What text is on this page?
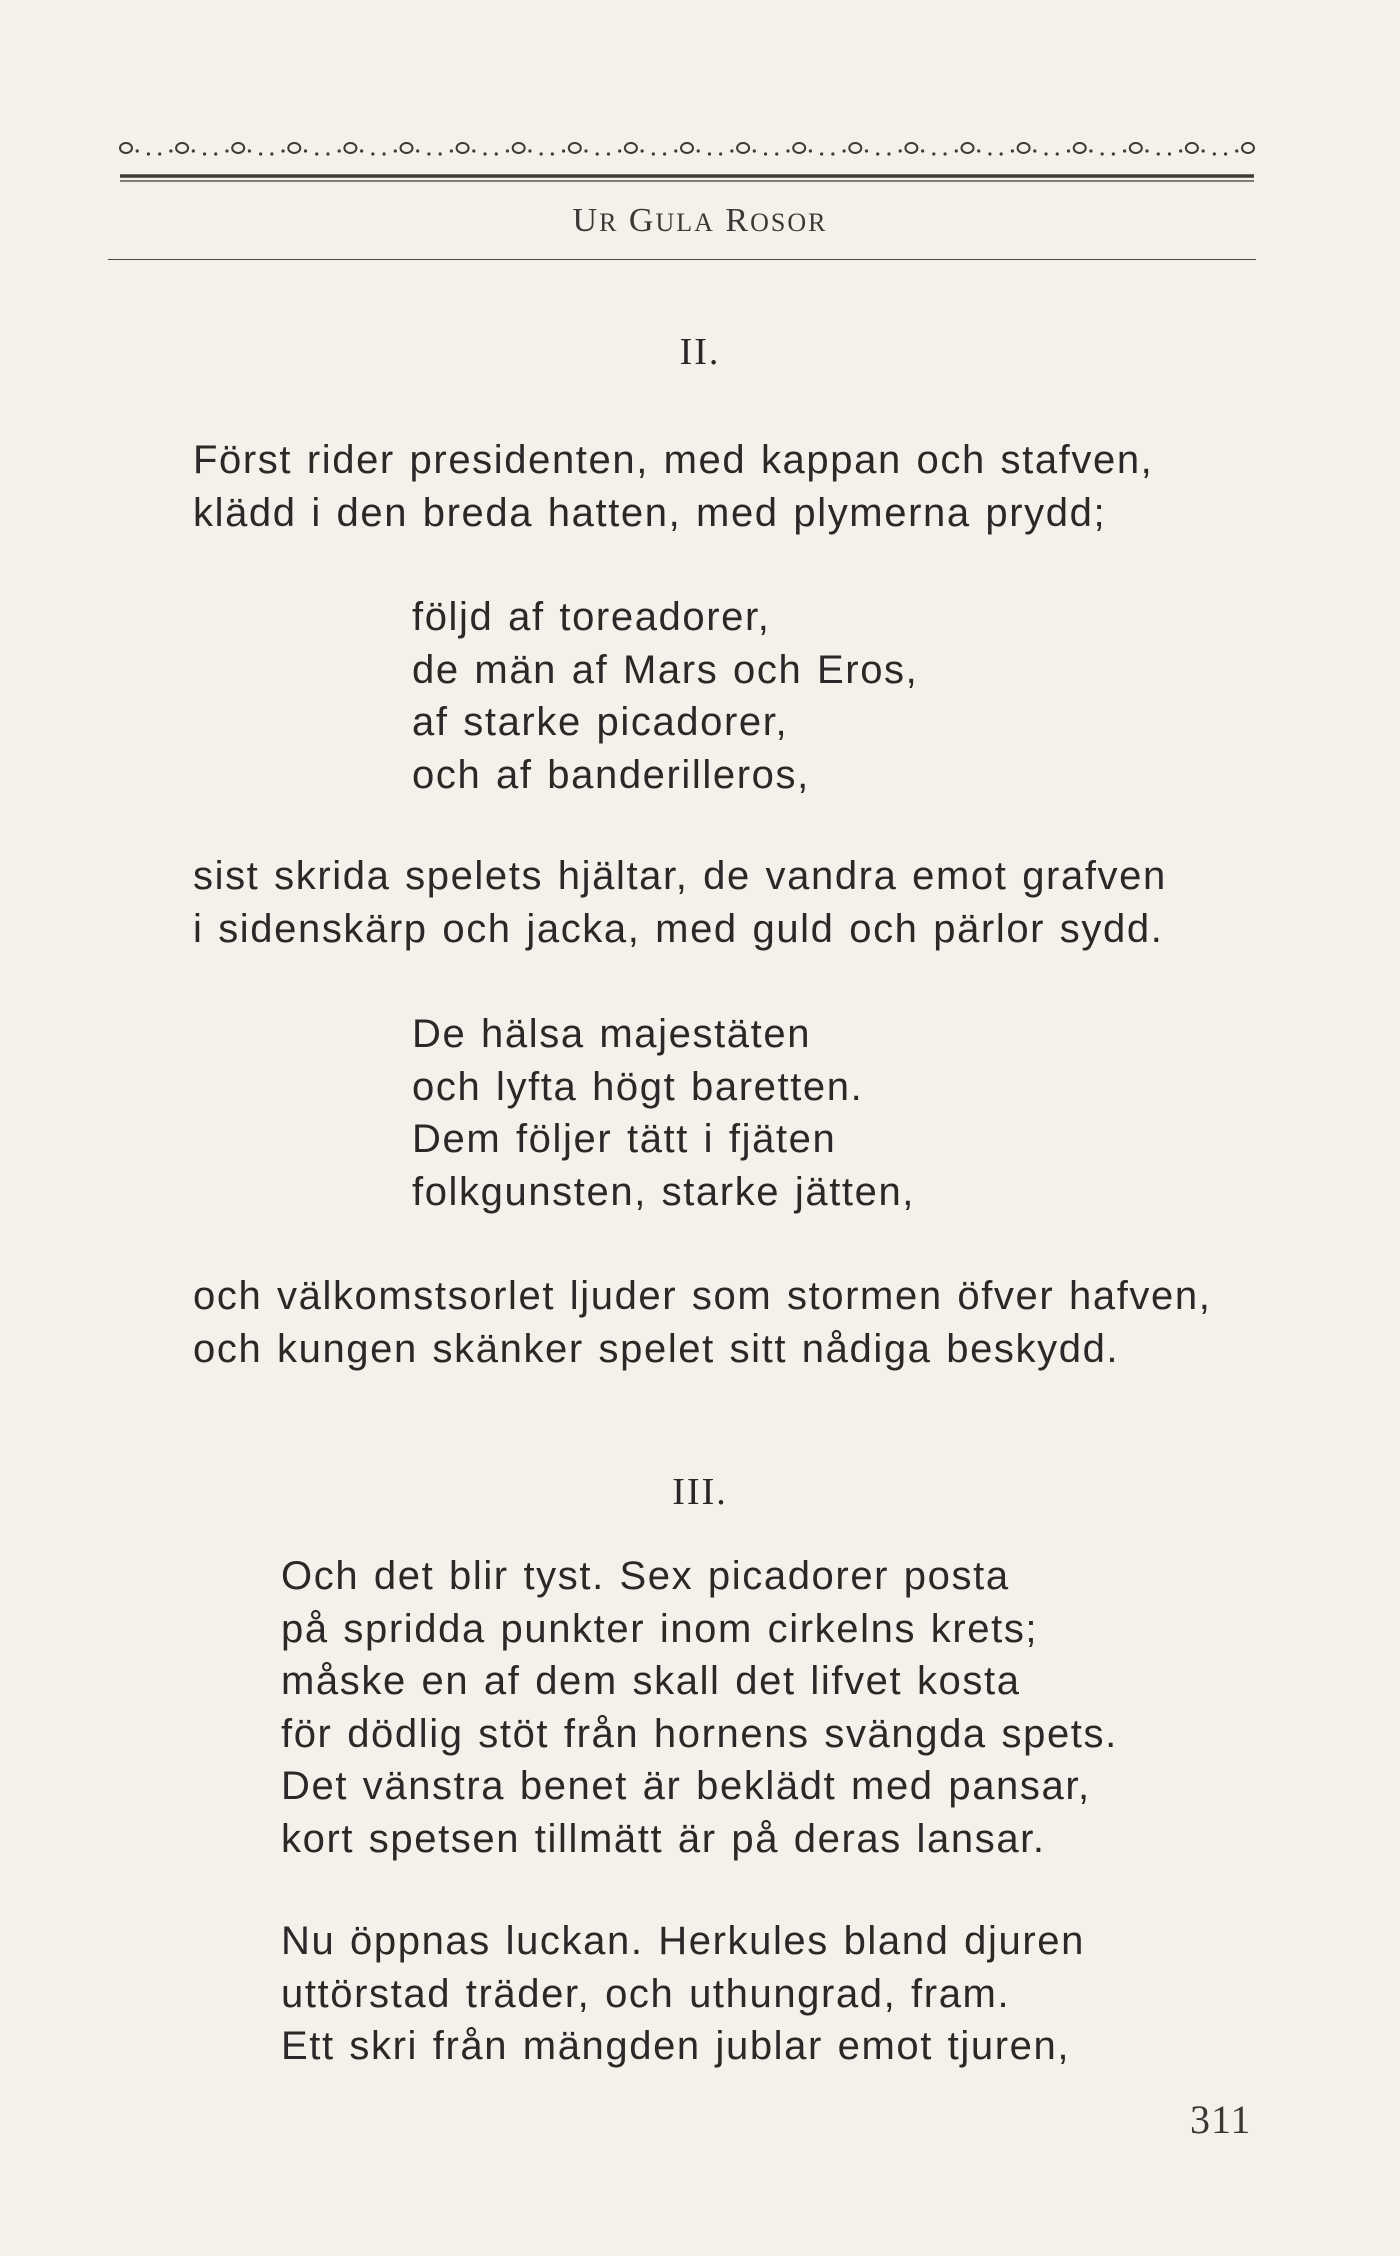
UR GULA ROSOR
II.
Först rider presidenten, med kappan och stafven,
klädd i den breda hatten, med plymerna prydd;
följd af toreadorer,
de män af Mars och Eros,
af starke picadorer,
och af banderilleros,
sist skrida spelets hjältar, de vandra emot grafven
i sidenskärp och jacka, med guld och pärlor sydd.
De hälsa majestäten
och lyfta högt baretten.
Dem följer tätt i fjäten
folkgunsten, starke jätten,
och välkomstsorlet ljuder som stormen öfver hafven,
och kungen skänker spelet sitt nådiga beskydd.
III.
Och det blir tyst. Sex picadorer posta
på spridda punkter inom cirkelns krets;
måske en af dem skall det lifvet kosta
för dödlig stöt från hornens svängda spets.
Det vänstra benet är beklädt med pansar,
kort spetsen tillmätt är på deras lansar.
Nu öppnas luckan. Herkules bland djuren
uttörstad träder, och uthungrad, fram.
Ett skri från mängden jublar emot tjuren,
311
